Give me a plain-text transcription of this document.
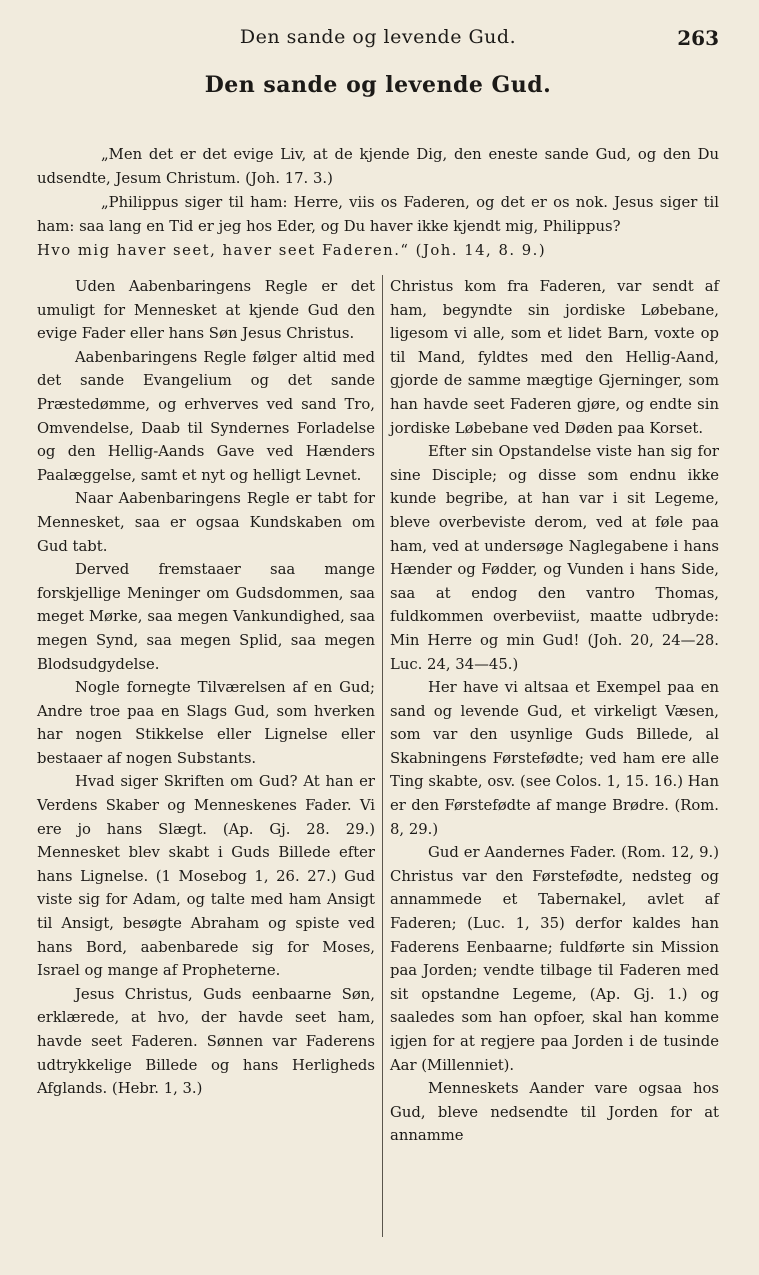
Den sande og levende Gud.	263
Den sande og levende Gud.

„Men det er det evige Liv, at de kjende Dig, den eneste sande Gud, og den Du udsendte, Jesum Christum. (Joh. 17. 3.)

„Philippus siger til ham: Herre, viis os Faderen, og det er os nok. Jesus siger til ham: saa lang en Tid er jeg hos Eder, og Du haver ikke kjendt mig, Philippus?

Hvo mig haver seet, haver seet Faderen.“ (Joh. 14, 8. 9.)

Uden Aabenbaringens Regle er det umuligt for Mennesket at kjende Gud den evige Fader eller hans Søn Jesus Christus.

Aabenbaringens Regle følger altid med det sande Evangelium og det sande Præstedømme, og erhverves ved sand Tro, Omvendelse, Daab til Syndernes Forladelse og den Hellig-Aands Gave ved Hænders Paalæggelse, samt et nyt og helligt Levnet.

Naar Aabenbaringens Regle er tabt for Mennesket, saa er ogsaa Kundskaben om Gud tabt.

Derved fremstaaer saa mange forskjellige Meninger om Gudsdommen, saa meget Mørke, saa megen Vankundighed, saa megen Synd, saa megen Splid, saa megen Blodsudgydelse.

Nogle fornegte Tilværelsen af en Gud; Andre troe paa en Slags Gud, som hverken har nogen Stikkelse eller Lignelse eller bestaaer af nogen Substants.

Hvad siger Skriften om Gud? At han er Verdens Skaber og Menneskenes Fader. Vi ere jo hans Slægt. (Ap. Gj. 28. 29.) Mennesket blev skabt i Guds Billede efter hans Lignelse. (1 Mosebog 1, 26. 27.) Gud viste sig for Adam, og talte med ham Ansigt til Ansigt, besøgte Abraham og spiste ved hans Bord, aabenbarede sig for Moses, Israel og mange af Propheterne.

Jesus Christus, Guds eenbaarne Søn, erklærede, at hvo, der havde seet ham, havde seet Faderen. Sønnen var Faderens udtrykkelige Billede og hans Herligheds Afglands. (Hebr. 1, 3.)

Christus kom fra Faderen, var sendt af ham, begyndte sin jordiske Løbebane, ligesom vi alle, som et lidet Barn, voxte op til Mand, fyldtes med den Hellig-Aand, gjorde de samme mægtige Gjerninger, som han havde seet Faderen gjøre, og endte sin jordiske Løbebane ved Døden paa Korset.

Efter sin Opstandelse viste han sig for sine Disciple; og disse som endnu ikke kunde begribe, at han var i sit Legeme, bleve overbeviste derom, ved at føle paa ham, ved at undersøge Naglegabene i hans Hænder og Fødder, og Vunden i hans Side, saa at endog den vantro Thomas, fuldkommen overbeviist, maatte udbryde: Min Herre og min Gud! (Joh. 20, 24—28. Luc. 24, 34—45.)

Her have vi altsaa et Exempel paa en sand og levende Gud, et virkeligt Væsen, som var den usynlige Guds Billede, al Skabningens Førstefødte; ved ham ere alle Ting skabte, osv. (see Colos. 1, 15. 16.) Han er den Førstefødte af mange Brødre. (Rom. 8, 29.)

Gud er Aandernes Fader. (Rom. 12, 9.) Christus var den Førstefødte, nedsteg og annammede et Tabernakel, avlet af Faderen; (Luc. 1, 35) derfor kaldes han Faderens Eenbaarne; fuldførte sin Mission paa Jorden; vendte tilbage til Faderen med sit opstandne Legeme, (Ap. Gj. 1.) og saaledes som han opfoer, skal han komme igjen for at regjere paa Jorden i de tusinde Aar (Millenniet).

Menneskets Aander vare ogsaa hos Gud, bleve nedsendte til Jorden for at annamme
